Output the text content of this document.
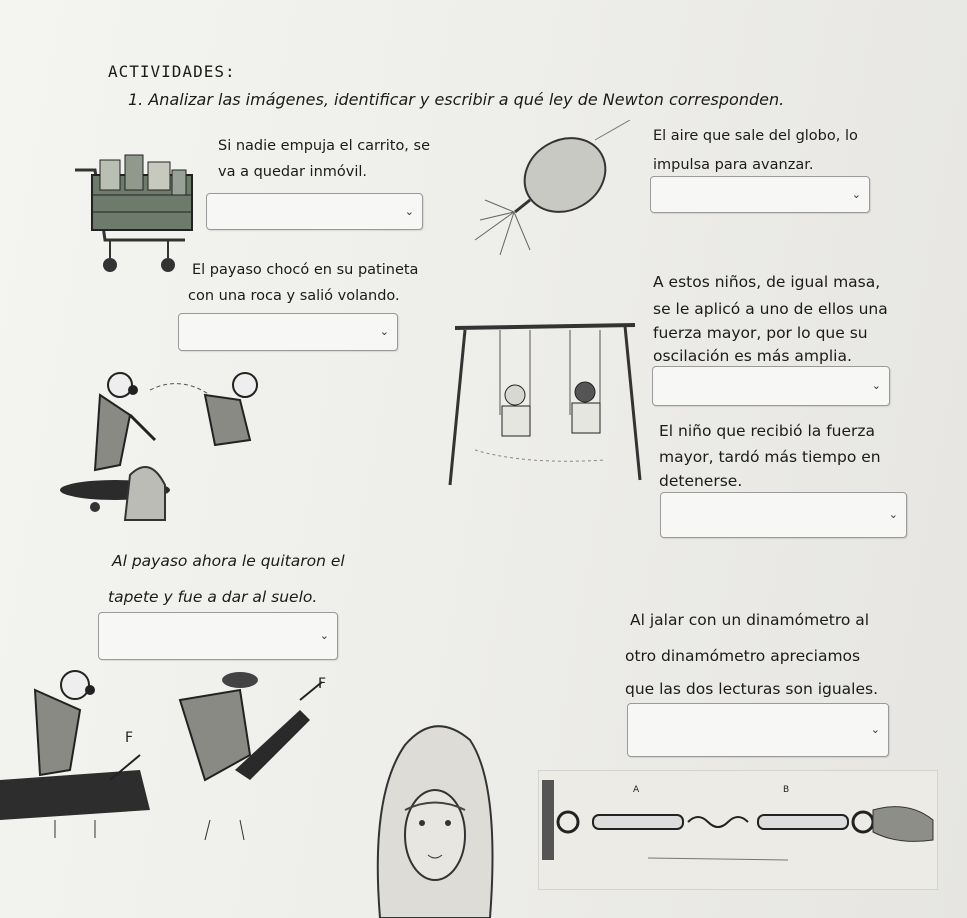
ACTIVIDADES:
1. Analizar las imágenes, identificar y escribir a qué ley de Newton corresponden.
Si nadie empuja el carrito, se
va a quedar inmóvil.
⌄
El aire que sale del globo, lo
impulsa para avanzar.
⌄
El payaso chocó en su patineta
con una roca y salió volando.
⌄
A estos niños, de igual masa,
se le aplicó a uno de ellos una
fuerza mayor, por lo que su
oscilación es más amplia.
⌄
El niño que recibió la fuerza
mayor, tardó más tiempo en
detenerse.
⌄
Al payaso ahora le quitaron el
tapete y fue a dar al suelo.
⌄
F
F
Al jalar con un dinamómetro al
otro dinamómetro apreciamos
que las dos lecturas son iguales.
⌄
A	B
